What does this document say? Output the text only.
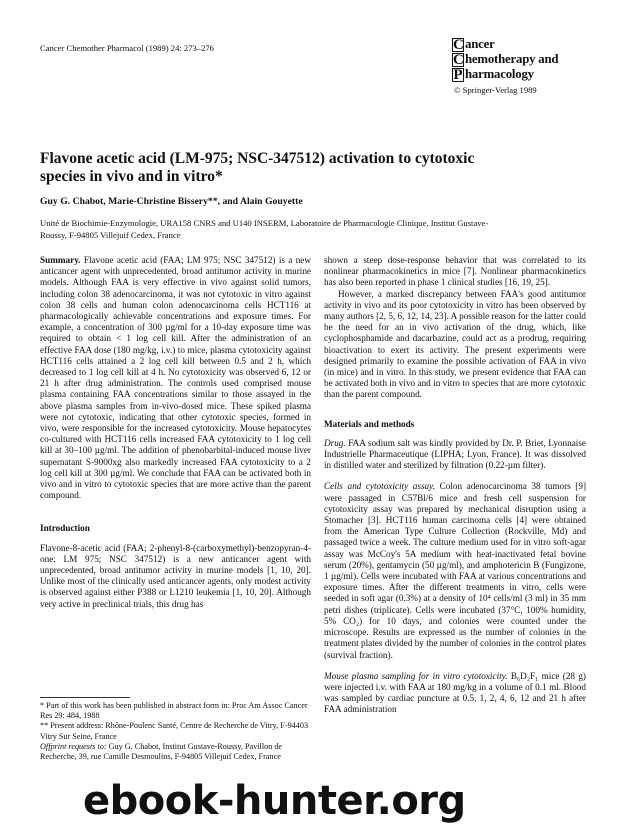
Cancer Chemother Pharmacol (1989) 24: 273–276	C ancer
C hemotherapy and
P harmacology
© Springer-Verlag 1989
Flavone acetic acid (LM-975; NSC-347512) activation to cytotoxic species in vivo and in vitro*
Guy G. Chabot, Marie-Christine Bissery**, and Alain Gouyette
Unité de Biochimie-Enzymologie, URA158 CNRS and U140 INSERM, Laboratoire de Pharmacologie Clinique, Institut Gustave-Roussy, F-94805 Villejuif Cedex, France

Summary. Flavone acetic acid (FAA; LM 975; NSC 347512) is a new anticancer agent with unprecedented, broad antitumor activity in murine models. Although FAA is very effective in vivo against solid tumors, including colon 38 adenocarcinoma, it was not cytotoxic in vitro against colon 38 cells and human colon adenocarcinoma cells HCT116 at pharmacologically achievable concentrations and exposure times. For example, a concentration of 300 µg/ml for a 10-day exposure time was required to obtain < 1 log cell kill. After the administration of an effective FAA dose (180 mg/kg, i.v.) to mice, plasma cytotoxicity against HCT116 cells attained a 2 log cell kill between 0.5 and 2 h, which decreased to 1 log cell kill at 4 h. No cytotoxicity was observed 6, 12 or 21 h after drug administration. The controls used comprised mouse plasma containing FAA concentrations similar to those assayed in the above plasma samples from in-vivo-dosed mice. These spiked plasma were not cytotoxic, indicating that other cytotoxic species, formed in vivo, were responsible for the increased cytotoxicity. Mouse hepatocytes co-cultured with HCT116 cells increased FAA cytotoxicity to 1 log cell kill at 30–100 µg/ml. The addition of phenobarbital-induced mouse liver supernatant S-9000xg also markedly increased FAA cytotoxicity to a 2 log cell kill at 300 µg/ml. We conclude that FAA can be activated both in vivo and in vitro to cytotoxic species that are more active than the parent compound.

Introduction

Flavone-8-acetic acid (FAA; 2-phenyl-8-(carboxymethyl)-benzopyran-4-one; LM 975; NSC 347512) is a new anticancer agent with unprecedented, broad antitumor activity in murine models [1, 10, 20]. Unlike most of the clinically used anticancer agents, only modest activity is observed against either P388 or L1210 leukemia [1, 10, 20]. Although very active in preclinical trials, this drug has

shown a steep dose-response behavior that was correlated to its nonlinear pharmacokinetics in mice [7]. Nonlinear pharmacokinetics has also been reported in phase 1 clinical studies [16, 19, 25].

However, a marked discrepancy between FAA's good antitumor activity in vivo and its poor cytotoxicity in vitro has been observed by many authors [2, 5, 6, 12, 14, 23]. A possible reason for the latter could be the need for an in vivo activation of the drug, which, like cyclophosphamide and dacarbazine, could act as a prodrug, requiring bioactivation to exert its activity. The present experiments were designed primarily to examine the possible activation of FAA in vivo (in mice) and in vitro. In this study, we present evidence that FAA can be activated both in vivo and in vitro to species that are more cytotoxic than the parent compound.

Materials and methods

Drug. FAA sodium salt was kindly provided by Dr. P. Briet, Lyonnaise Industrielle Pharmaceutique (LIPHA; Lyon, France). It was dissolved in distilled water and sterilized by filtration (0.22-µm filter).

Cells and cytotoxicity assay. Colon adenocarcinoma 38 tumors [9] were passaged in C57Bl/6 mice and fresh cell suspension for cytotoxicity assay was prepared by mechanical disruption using a Stomacher [3]. HCT116 human carcinoma cells [4] were obtained from the American Type Culture Collection (Rockville, Md) and passaged twice a week. The culture medium used for in vitro soft-agar assay was McCoy's 5A medium with heat-inactivated fetal bovine serum (20%), gentamycin (50 µg/ml), and amphotericin B (Fungizone, 1 µg/ml). Cells were incubated with FAA at various concentrations and exposure times. After the different treatments in vitro, cells were seeded in soft agar (0.3%) at a density of 10⁴ cells/ml (3 ml) in 35 mm petri dishes (triplicate). Cells were incubated (37°C, 100% humidity, 5% CO₂) for 10 days, and colonies were counted under the microscope. Results are expressed as the number of colonies in the treatment plates divided by the number of colonies in the control plates (survival fraction).

Mouse plasma sampling for in vitro cytotoxicity. B₆D₂F₁ mice (28 g) were injected i.v. with FAA at 180 mg/kg in a volume of 0.1 ml. Blood was sampled by cardiac puncture at 0.5, 1, 2, 4, 6, 12 and 21 h after FAA administration

* Part of this work has been published in abstract form in: Proc Am Assoc Cancer Res 29: 484, 1988
** Present address: Rhône-Poulenc Santé, Centre de Recherche de Vitry, F-94403 Vitry Sur Seine, France
Offprint requests to: Guy G. Chabot, Institut Gustave-Roussy, Pavillon de Recherche, 39, rue Camille Desmoulins, F-94805 Villejuif Cedex, France
ebook-hunter.org
